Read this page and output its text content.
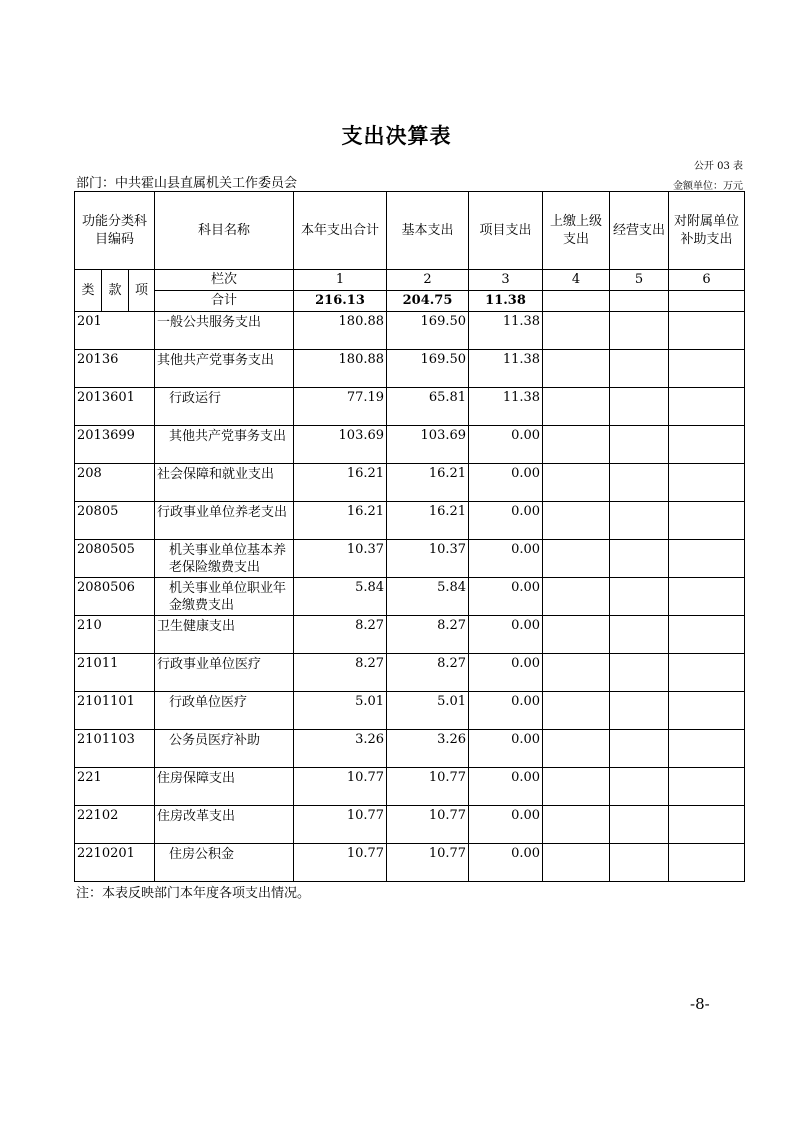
支出决算表
公开 03 表
部门：中共霍山县直属机关工作委员会	金额单位：万元
功能分类科目编码			科目名称	本年支出合计	基本支出	项目支出	上缴上级支出	经营支出	对附属单位补助支出
类	款	项	栏次	1	2	3	4	5	6
			合计	216.13	204.75	11.38			
201			一般公共服务支出	180.88	169.50	11.38			
20136			其他共产党事务支出	180.88	169.50	11.38			
2013601			行政运行	77.19	65.81	11.38			
2013699			其他共产党事务支出	103.69	103.69	0.00			
208			社会保障和就业支出	16.21	16.21	0.00			
20805			行政事业单位养老支出	16.21	16.21	0.00			
2080505			机关事业单位基本养老保险缴费支出	10.37	10.37	0.00			
2080506			机关事业单位职业年金缴费支出	5.84	5.84	0.00			
210			卫生健康支出	8.27	8.27	0.00			
21011			行政事业单位医疗	8.27	8.27	0.00			
2101101			行政单位医疗	5.01	5.01	0.00			
2101103			公务员医疗补助	3.26	3.26	0.00			
221			住房保障支出	10.77	10.77	0.00			
22102			住房改革支出	10.77	10.77	0.00			
2210201			住房公积金	10.77	10.77	0.00			
注：本表反映部门本年度各项支出情况。
-8-
